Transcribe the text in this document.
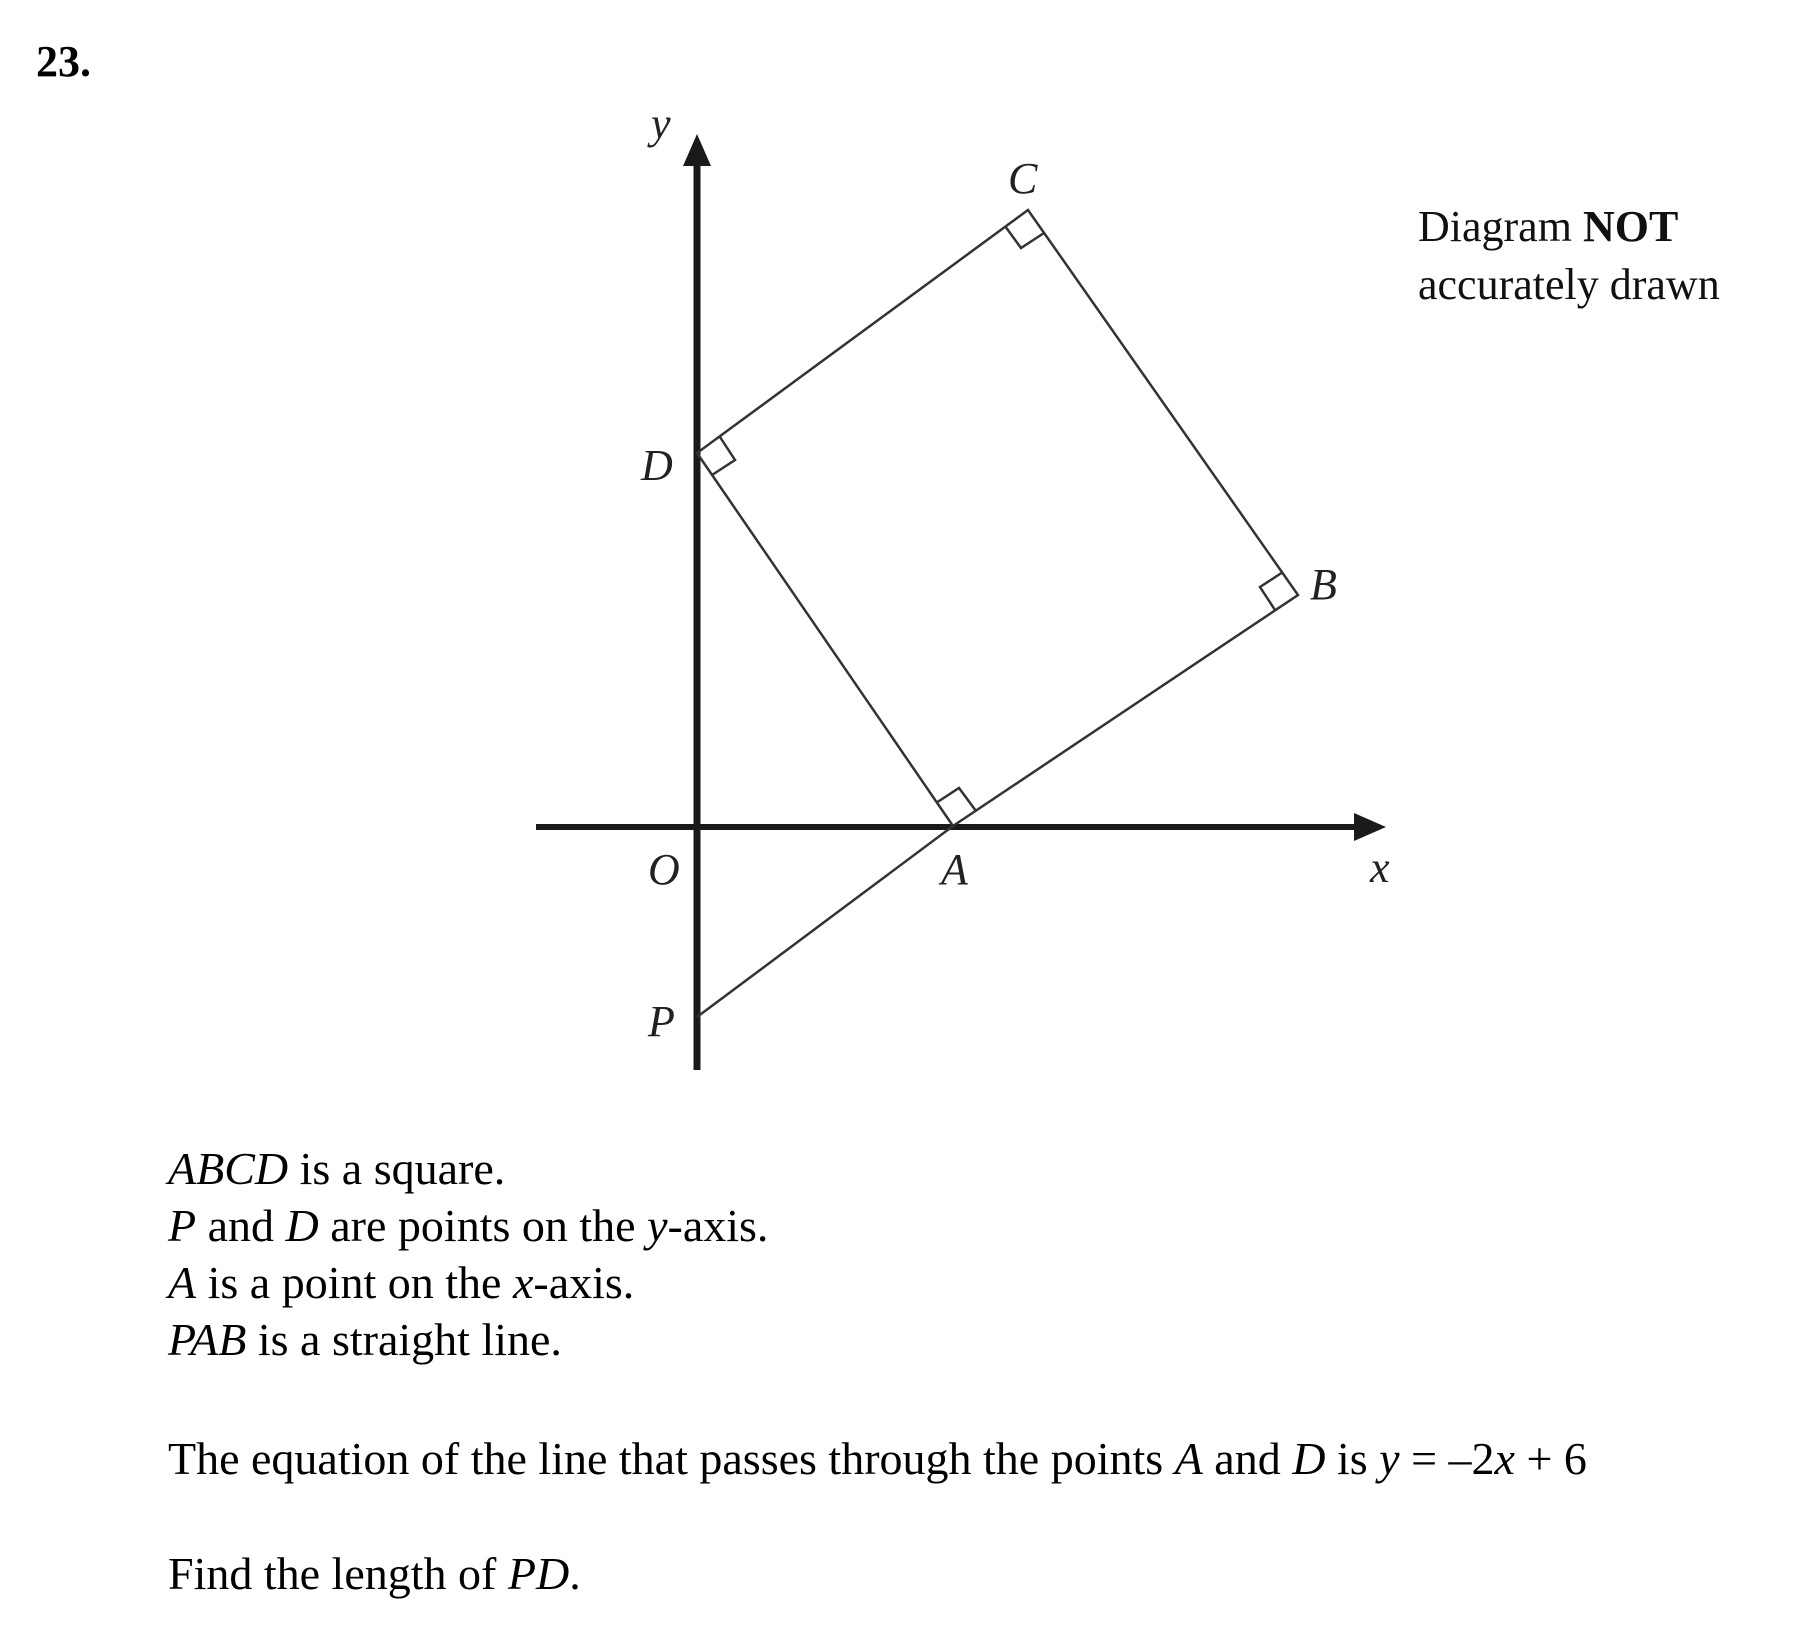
23.
Diagram NOT
accurately drawn
y
x
O	A
B
C
D
P

ABCD is a square.

P and D are points on the y-axis.

A is a point on the x-axis.

PAB is a straight line.

The equation of the line that passes through the points A and D is y = –2x + 6

Find the length of PD.
